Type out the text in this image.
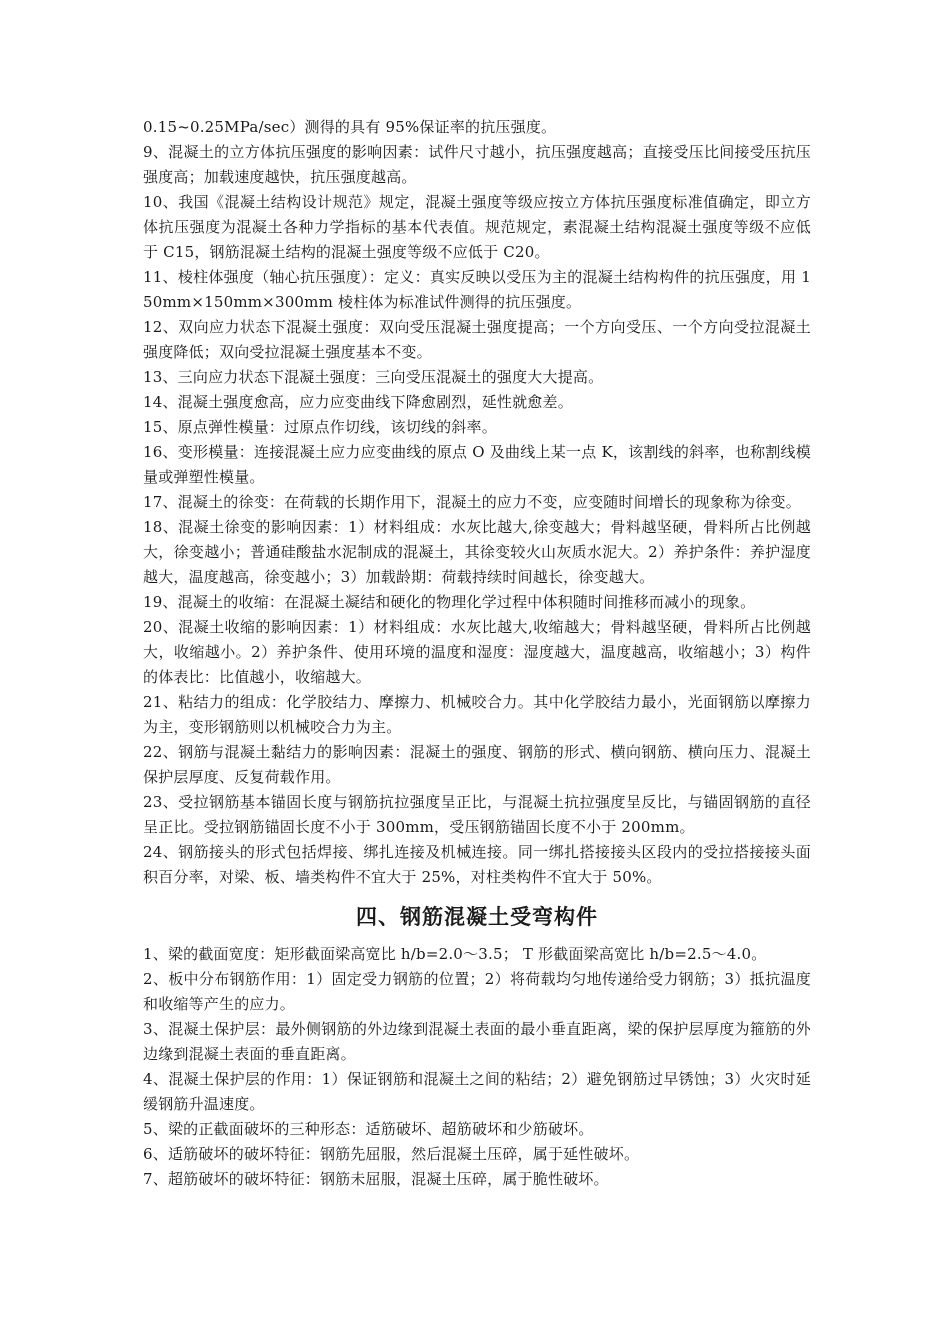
0.15~0.25MPa/sec）测得的具有 95%保证率的抗压强度。

9、混凝土的立方体抗压强度的影响因素：试件尺寸越小，抗压强度越高；直接受压比间接受压抗压强度高；加载速度越快，抗压强度越高。

10、我国《混凝土结构设计规范》规定，混凝土强度等级应按立方体抗压强度标准值确定，即立方体抗压强度为混凝土各种力学指标的基本代表值。规范规定，素混凝土结构混凝土强度等级不应低于 C15，钢筋混凝土结构的混凝土强度等级不应低于 C20。

11、棱柱体强度（轴心抗压强度）：定义：真实反映以受压为主的混凝土结构构件的抗压强度，用 150mm×150mm×300mm 棱柱体为标准试件测得的抗压强度。

12、双向应力状态下混凝土强度：双向受压混凝土强度提高；一个方向受压、一个方向受拉混凝土强度降低；双向受拉混凝土强度基本不变。

13、三向应力状态下混凝土强度：三向受压混凝土的强度大大提高。

14、混凝土强度愈高，应力应变曲线下降愈剧烈，延性就愈差。

15、原点弹性模量：过原点作切线，该切线的斜率。

16、变形模量：连接混凝土应力应变曲线的原点 O 及曲线上某一点 K，该割线的斜率，也称割线模量或弹塑性模量。

17、混凝土的徐变：在荷载的长期作用下，混凝土的应力不变，应变随时间增长的现象称为徐变。

18、混凝土徐变的影响因素：1）材料组成：水灰比越大,徐变越大；骨料越坚硬，骨料所占比例越大，徐变越小；普通硅酸盐水泥制成的混凝土，其徐变较火山灰质水泥大。2）养护条件：养护湿度越大，温度越高，徐变越小；3）加载龄期：荷载持续时间越长，徐变越大。

19、混凝土的收缩：在混凝土凝结和硬化的物理化学过程中体积随时间推移而减小的现象。

20、混凝土收缩的影响因素：1）材料组成：水灰比越大,收缩越大；骨料越坚硬，骨料所占比例越大，收缩越小。2）养护条件、使用环境的温度和湿度：湿度越大，温度越高，收缩越小；3）构件的体表比：比值越小，收缩越大。

21、粘结力的组成：化学胶结力、摩擦力、机械咬合力。其中化学胶结力最小，光面钢筋以摩擦力为主，变形钢筋则以机械咬合力为主。

22、钢筋与混凝土黏结力的影响因素：混凝土的强度、钢筋的形式、横向钢筋、横向压力、混凝土保护层厚度、反复荷载作用。

23、受拉钢筋基本锚固长度与钢筋抗拉强度呈正比，与混凝土抗拉强度呈反比，与锚固钢筋的直径呈正比。受拉钢筋锚固长度不小于 300mm，受压钢筋锚固长度不小于 200mm。

24、钢筋接头的形式包括焊接、绑扎连接及机械连接。同一绑扎搭接接头区段内的受拉搭接接头面积百分率，对梁、板、墙类构件不宜大于 25%，对柱类构件不宜大于 50%。

四、钢筋混凝土受弯构件

1、梁的截面宽度：矩形截面梁高宽比 h/b=2.0～3.5； T 形截面梁高宽比 h/b=2.5～4.0。

2、板中分布钢筋作用：1）固定受力钢筋的位置；2）将荷载均匀地传递给受力钢筋；3）抵抗温度和收缩等产生的应力。

3、混凝土保护层：最外侧钢筋的外边缘到混凝土表面的最小垂直距离，梁的保护层厚度为箍筋的外边缘到混凝土表面的垂直距离。

4、混凝土保护层的作用：1）保证钢筋和混凝土之间的粘结；2）避免钢筋过早锈蚀；3）火灾时延缓钢筋升温速度。

5、梁的正截面破坏的三种形态：适筋破坏、超筋破坏和少筋破坏。

6、适筋破坏的破坏特征：钢筋先屈服，然后混凝土压碎，属于延性破坏。

7、超筋破坏的破坏特征：钢筋未屈服，混凝土压碎，属于脆性破坏。
